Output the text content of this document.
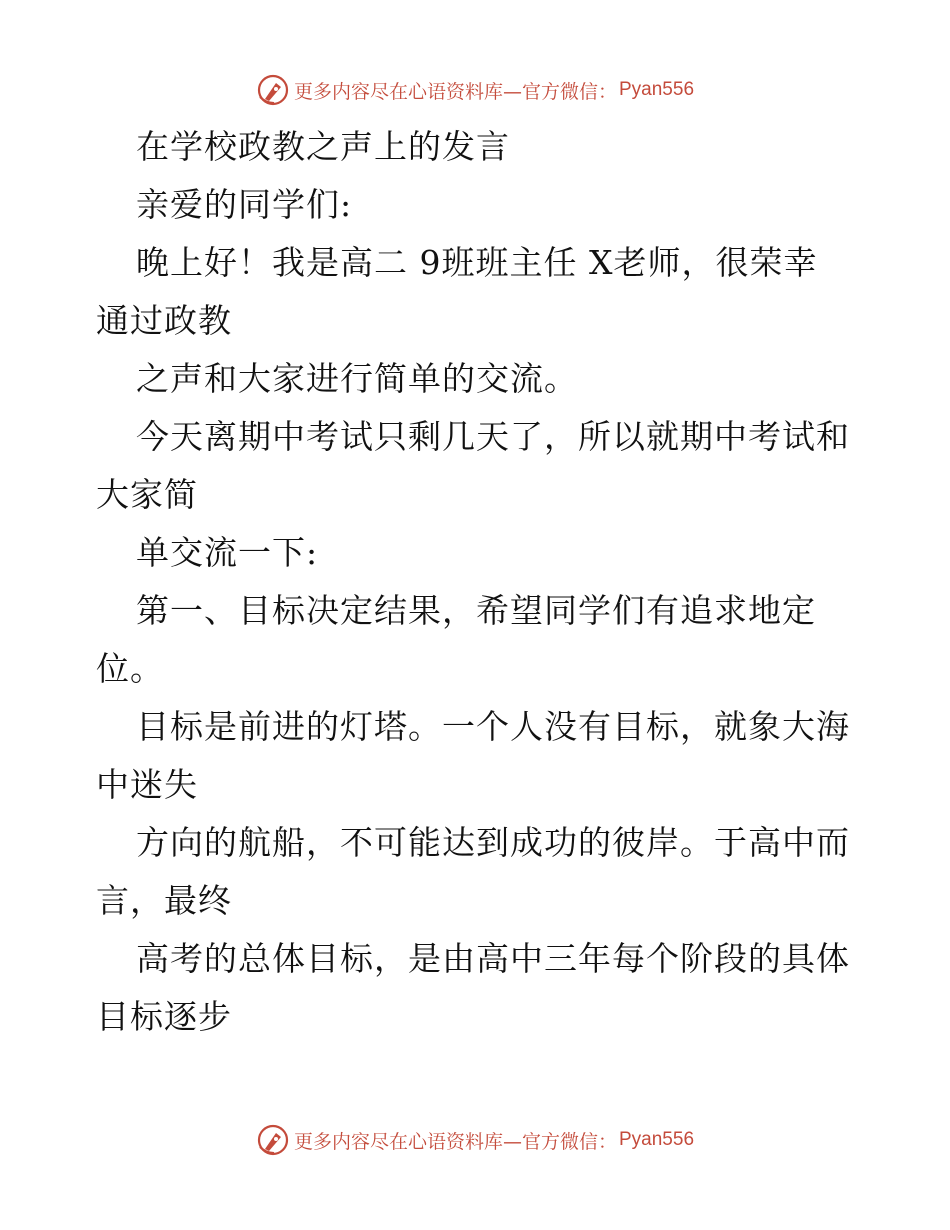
更多内容尽在心语资料库 —官方微信： Pyan556
在学校政教之声上的发言
亲爱的同学们:
晚上好！我是高二 9班班主任 X老师，很荣幸
通过政教
之声和大家进行简单的交流。
今天离期中考试只剩几天了，所以就期中考试和
大家简
单交流一下:
第一、目标决定结果，希望同学们有追求地定
位。
目标是前进的灯塔。一个人没有目标，就象大海
中迷失
方向的航船，不可能达到成功的彼岸。于高中而
言，最终
高考的总体目标，是由高中三年每个阶段的具体
目标逐步
更多内容尽在心语资料库 —官方微信： Pyan556
